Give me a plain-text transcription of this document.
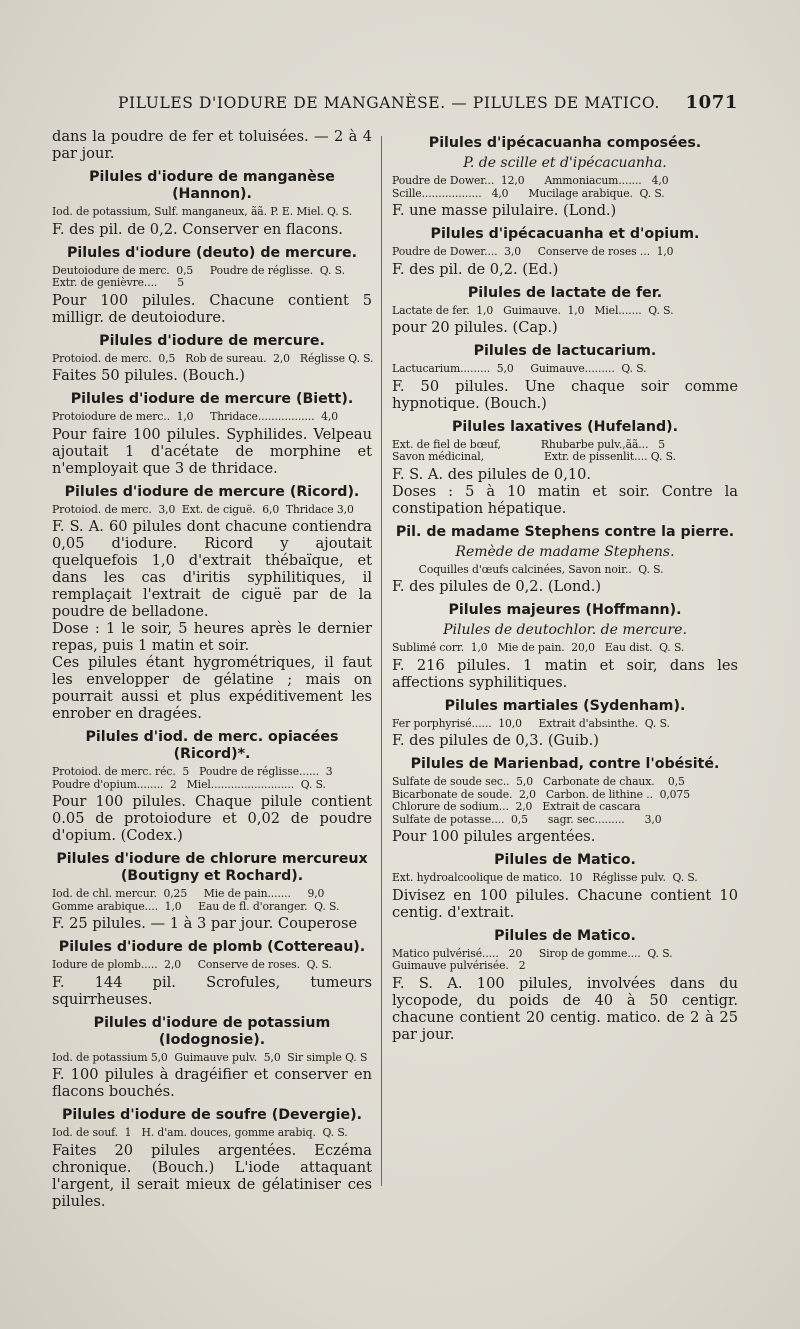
PILULES D'IODURE DE MANGANÈSE. — PILULES DE MATICO. 1071

dans la poudre de fer et toluisées. — 2 à 4 par jour.

Pilules d'iodure de manganèse (Hannon).
Iod. de potassium, Sulf. manganeux, ãã. P. E. Miel. Q. S.

F. des pil. de 0,2. Conserver en flacons.

Pilules d'iodure (deuto) de mercure.
Deutoiodure de merc.  0,5     Poudre de réglisse.  Q. S.
Extr. de genièvre....      5

Pour 100 pilules. Chacune contient 5 milligr. de deutoiodure.

Pilules d'iodure de mercure.
Protoiod. de merc.  0,5   Rob de sureau.  2,0   Réglisse Q. S.

Faites 50 pilules. (Bouch.)

Pilules d'iodure de mercure (Biett).
Protoiodure de merc..  1,0     Thridace.................  4,0

Pour faire 100 pilules. Syphilides. Velpeau ajoutait 1 d'acétate de morphine et n'employait que 3 de thridace.

Pilules d'iodure de mercure (Ricord).
Protoiod. de merc.  3,0  Ext. de ciguë.  6,0  Thridace 3,0

F. S. A. 60 pilules dont chacune contiendra 0,05 d'iodure. Ricord y ajoutait quelquefois 1,0 d'extrait thébaïque, et dans les cas d'iritis syphilitiques, il remplaçait l'extrait de ciguë par de la poudre de belladone.

Dose : 1 le soir, 5 heures après le dernier repas, puis 1 matin et soir.

Ces pilules étant hygrométriques, il faut les envelopper de gélatine ; mais on pourrait aussi et plus expéditivement les enrober en dragées.

Pilules d'iod. de merc. opiacées (Ricord)*.
Protoiod. de merc. réc.  5   Poudre de réglisse......  3
Poudre d'opium........  2   Miel.........................  Q. S.

Pour 100 pilules. Chaque pilule contient 0.05 de protoiodure et 0,02 de poudre d'opium. (Codex.)

Pilules d'iodure de chlorure mercureux (Boutigny et Rochard).
Iod. de chl. mercur.  0,25     Mie de pain.......     9,0
Gomme arabique....  1,0     Eau de fl. d'oranger.  Q. S.

F. 25 pilules. — 1 à 3 par jour. Couperose

Pilules d'iodure de plomb (Cottereau).
Iodure de plomb.....  2,0     Conserve de roses.  Q. S.

F. 144 pil. Scrofules, tumeurs squirrheuses.

Pilules d'iodure de potassium (Iodognosie).
Iod. de potassium 5,0  Guimauve pulv.  5,0  Sir simple Q. S

F. 100 pilules à dragéifier et conserver en flacons bouchés.

Pilules d'iodure de soufre (Devergie).
Iod. de souf.  1   H. d'am. douces, gomme arabiq.  Q. S.

Faites 20 pilules argentées. Eczéma chronique. (Bouch.) L'iode attaquant l'argent, il serait mieux de gélatiniser ces pilules.

Pilules d'ipécacuanha composées.
P. de scille et d'ipécacuanha.
Poudre de Dower...  12,0      Ammoniacum.......   4,0
Scille..................   4,0      Mucilage arabique.  Q. S.

F. une masse pilulaire. (Lond.)

Pilules d'ipécacuanha et d'opium.
Poudre de Dower....  3,0     Conserve de roses ...  1,0

F. des pil. de 0,2. (Ed.)

Pilules de lactate de fer.
Lactate de fer.  1,0   Guimauve.  1,0   Miel.......  Q. S.

pour 20 pilules. (Cap.)

Pilules de lactucarium.
Lactucarium.........  5,0     Guimauve.........  Q. S.

F. 50 pilules. Une chaque soir comme hypnotique. (Bouch.)

Pilules laxatives (Hufeland).
Ext. de fiel de bœuf,            Rhubarbe pulv.,ãã...   5
Savon médicinal,                  Extr. de pissenlit.... Q. S.

F. S. A. des pilules de 0,10.

Doses : 5 à 10 matin et soir. Contre la constipation hépatique.

Pil. de madame Stephens contre la pierre.
Remède de madame Stephens.
Coquilles d'œufs calcinées, Savon noir..  Q. S.

F. des pilules de 0,2. (Lond.)

Pilules majeures (Hoffmann).
Pilules de deutochlor. de mercure.
Sublimé corr.  1,0   Mie de pain.  20,0   Eau dist.  Q. S.

F. 216 pilules. 1 matin et soir, dans les affections syphilitiques.

Pilules martiales (Sydenham).
Fer porphyrisé......  10,0     Extrait d'absinthe.  Q. S.

F. des pilules de 0,3. (Guib.)

Pilules de Marienbad, contre l'obésité.
Sulfate de soude sec..  5,0   Carbonate de chaux.    0,5
Bicarbonate de soude.  2,0   Carbon. de lithine ..  0,075
Chlorure de sodium...  2,0   Extrait de cascara
Sulfate de potasse....  0,5      sagr. sec.........      3,0

Pour 100 pilules argentées.

Pilules de Matico.
Ext. hydroalcoolique de matico.  10   Réglisse pulv.  Q. S.

Divisez en 100 pilules. Chacune contient 10 centig. d'extrait.

Pilules de Matico.
Matico pulvérisé.....   20     Sirop de gomme....  Q. S.
Guimauve pulvérisée.   2

F. S. A. 100 pilules, involvées dans du lycopode, du poids de 40 à 50 centigr. chacune contient 20 centig. matico. de 2 à 25 par jour.
